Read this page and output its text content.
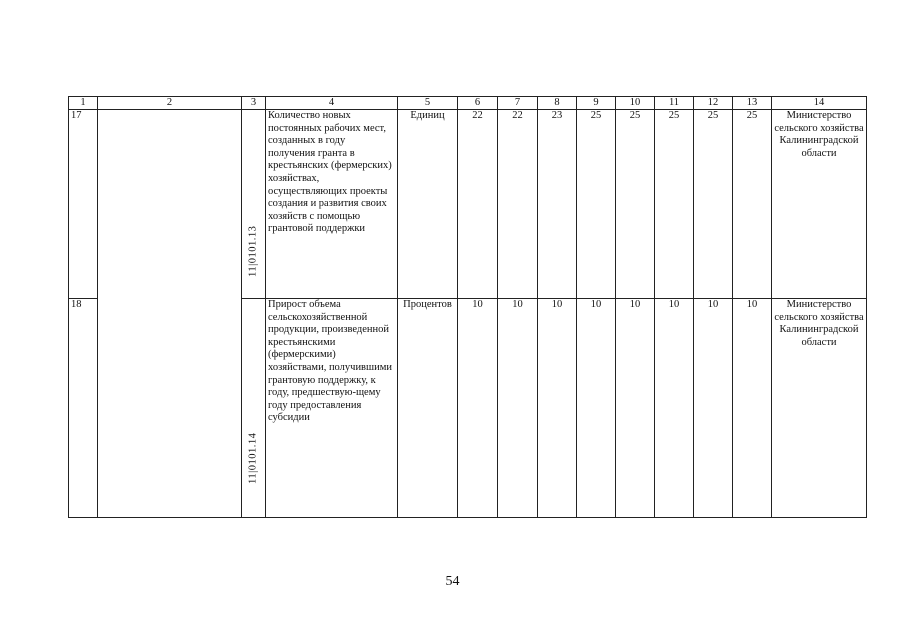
1	2	3	4	5	6	7	8	9	10	11	12	13	14
17		11|0101.13	Количество новых постоянных рабочих мест, созданных в году получения гранта в крестьянских (фермерских) хозяйствах, осуществляющих проекты создания и развития своих хозяйств с помощью грантовой поддержки	Единиц	22	22	23	25	25	25	25	25	Министерство сельского хозяйства Калининградской области
18		11|0101.14	Прирост объема сельскохозяйственной продукции, произведенной крестьянскими (фермерскими) хозяйствами, получившими грантовую поддержку, к году, предшествую-щему году предоставления субсидии	Процентов	10	10	10	10	10	10	10	10	Министерство сельского хозяйства Калининградской области
54
